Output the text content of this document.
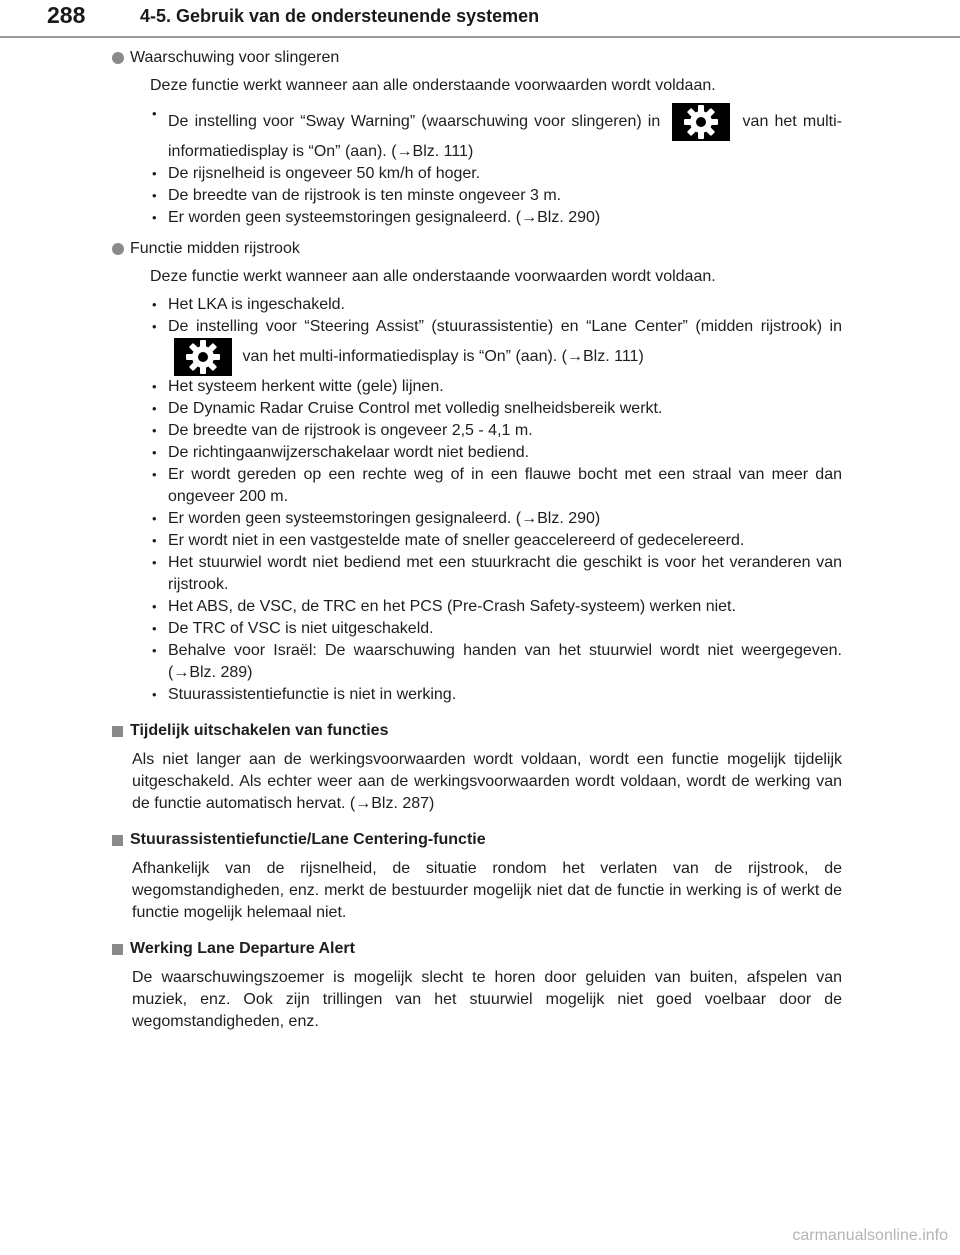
288	4-5. Gebruik van de ondersteunende systemen
Waarschuwing voor slingeren
Deze functie werkt wanneer aan alle onderstaande voorwaarden wordt voldaan.
• De instelling voor “Sway Warning” (waarschuwing voor slingeren) in	van het multi-informatiedisplay is “On” (aan). (→Blz. 111)
• De rijsnelheid is ongeveer 50 km/h of hoger.
• De breedte van de rijstrook is ten minste ongeveer 3 m.
• Er worden geen systeemstoringen gesignaleerd. (→Blz. 290)
Functie midden rijstrook
Deze functie werkt wanneer aan alle onderstaande voorwaarden wordt voldaan.
• Het LKA is ingeschakeld.
• De instelling voor “Steering Assist” (stuurassistentie) en “Lane Center” (midden rijstrook) in
van het multi-informatiedisplay is “On” (aan). (→Blz. 111)
• Het systeem herkent witte (gele) lijnen.
• De Dynamic Radar Cruise Control met volledig snelheidsbereik werkt.
• De breedte van de rijstrook is ongeveer 2,5 - 4,1 m.
• De richtingaanwijzerschakelaar wordt niet bediend.
• Er wordt gereden op een rechte weg of in een flauwe bocht met een straal van meer dan ongeveer 200 m.
• Er worden geen systeemstoringen gesignaleerd. (→Blz. 290)
• Er wordt niet in een vastgestelde mate of sneller geaccelereerd of gedecelereerd.
• Het stuurwiel wordt niet bediend met een stuurkracht die geschikt is voor het veranderen van rijstrook.
• Het ABS, de VSC, de TRC en het PCS (Pre-Crash Safety-systeem) werken niet.
• De TRC of VSC is niet uitgeschakeld.
• Behalve voor Israël: De waarschuwing handen van het stuurwiel wordt niet weergegeven. (→Blz. 289)
• Stuurassistentiefunctie is niet in werking.
Tijdelijk uitschakelen van functies
Als niet langer aan de werkingsvoorwaarden wordt voldaan, wordt een functie mogelijk tijdelijk uitgeschakeld. Als echter weer aan de werkingsvoorwaarden wordt voldaan, wordt de werking van de functie automatisch hervat. (→Blz. 287)
Stuurassistentiefunctie/Lane Centering-functie
Afhankelijk van de rijsnelheid, de situatie rondom het verlaten van de rijstrook, de wegomstandigheden, enz. merkt de bestuurder mogelijk niet dat de functie in werking is of werkt de functie mogelijk helemaal niet.
Werking Lane Departure Alert
De waarschuwingszoemer is mogelijk slecht te horen door geluiden van buiten, afspelen van muziek, enz. Ook zijn trillingen van het stuurwiel mogelijk niet goed voelbaar door de wegomstandigheden, enz.
carmanualsonline.info
